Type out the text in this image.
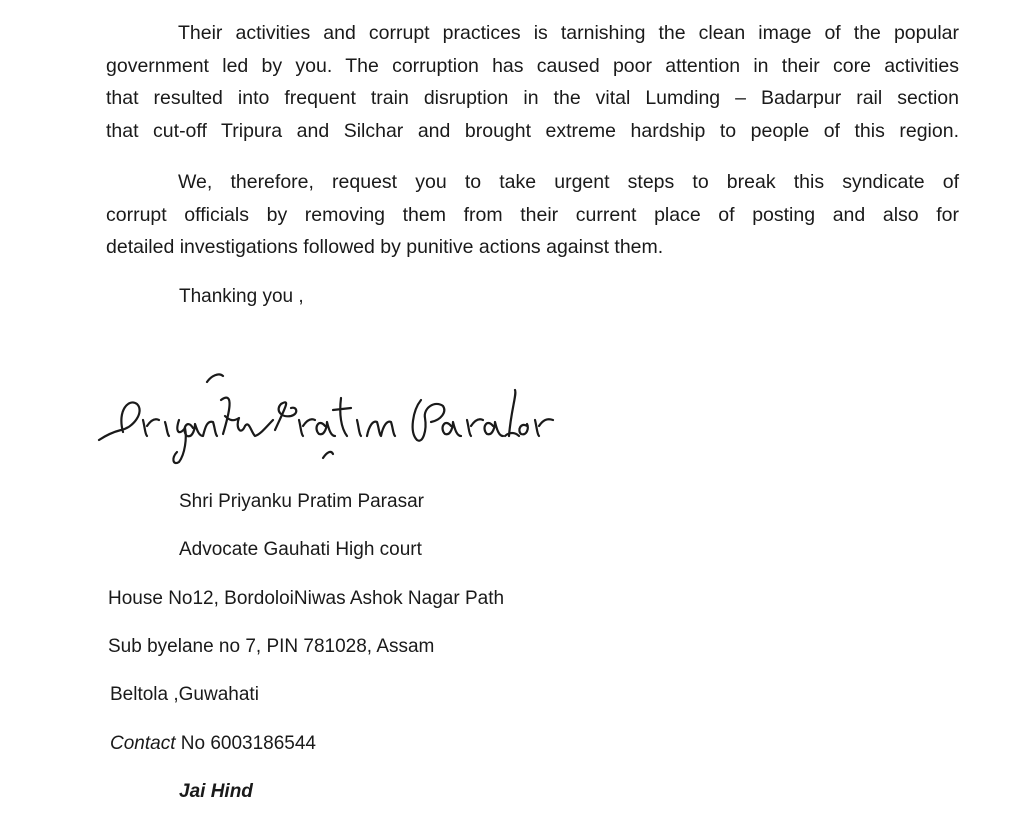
Their activities and corrupt practices is tarnishing the clean image of the popular
government led by you. The corruption has caused poor attention in their core activities
that resulted into frequent train disruption in the vital Lumding – Badarpur rail section
that cut-off Tripura and Silchar and brought extreme hardship to people of this region.
We, therefore, request you to take urgent steps to break this syndicate of
corrupt officials by removing them from their current place of posting and also for
detailed investigations followed by punitive actions against them.
Thanking you ,
Shri Priyanku Pratim Parasar
Advocate Gauhati High court
House No12, BordoloiNiwas Ashok Nagar Path
Sub byelane no 7, PIN 781028, Assam
Beltola ,Guwahati
Contact No 6003186544
Jai Hind
